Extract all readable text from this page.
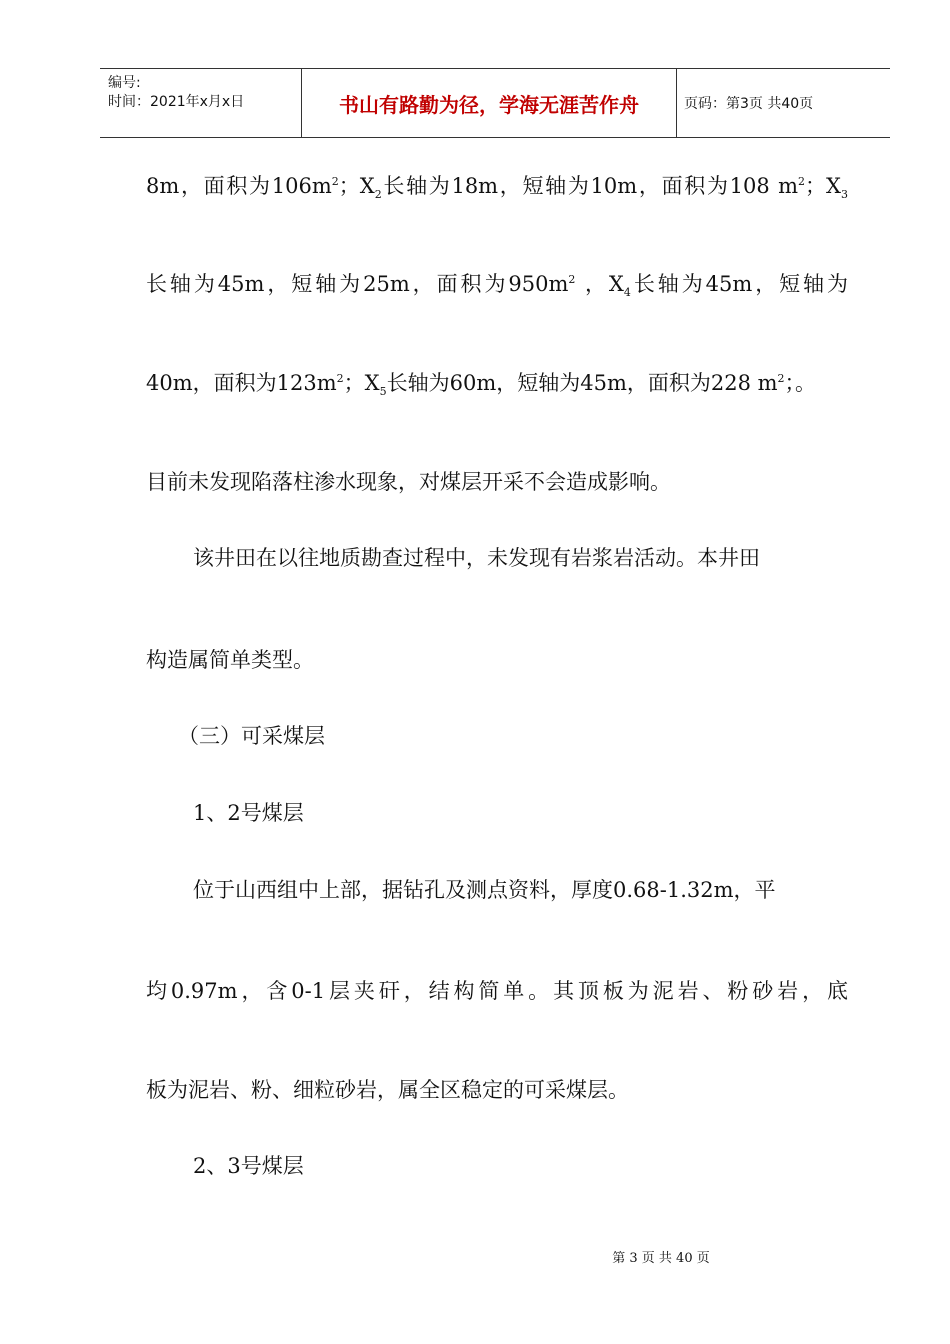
编号:
时间：2021年x月x日	书山有路勤为径，学海无涯苦作舟	页码：第3页 共40页
8m，面积为$106m^2$；$X_2$长轴为18m，短轴为10m，面积为108 $m^2$；$X_3$
长轴为45m，短轴为25m，面积为$950m^2$ ，$X_4$长轴为45m，短轴为
40m，面积为$123m^2$；$X_5$长轴为60m，短轴为45m，面积为228 $m^2$；。
目前未发现陷落柱渗水现象，对煤层开采不会造成影响。
该井田在以往地质勘查过程中，未发现有岩浆岩活动。本井田
构造属简单类型。
（三）可采煤层
1、2号煤层
位于山西组中上部，据钻孔及测点资料，厚度0.68-1.32m，平
均0.97m，含0-1层夹矸，结构简单。其顶板为泥岩、粉砂岩，底
板为泥岩、粉、细粒砂岩，属全区稳定的可采煤层。
2、3号煤层
第 3 页 共 40 页
